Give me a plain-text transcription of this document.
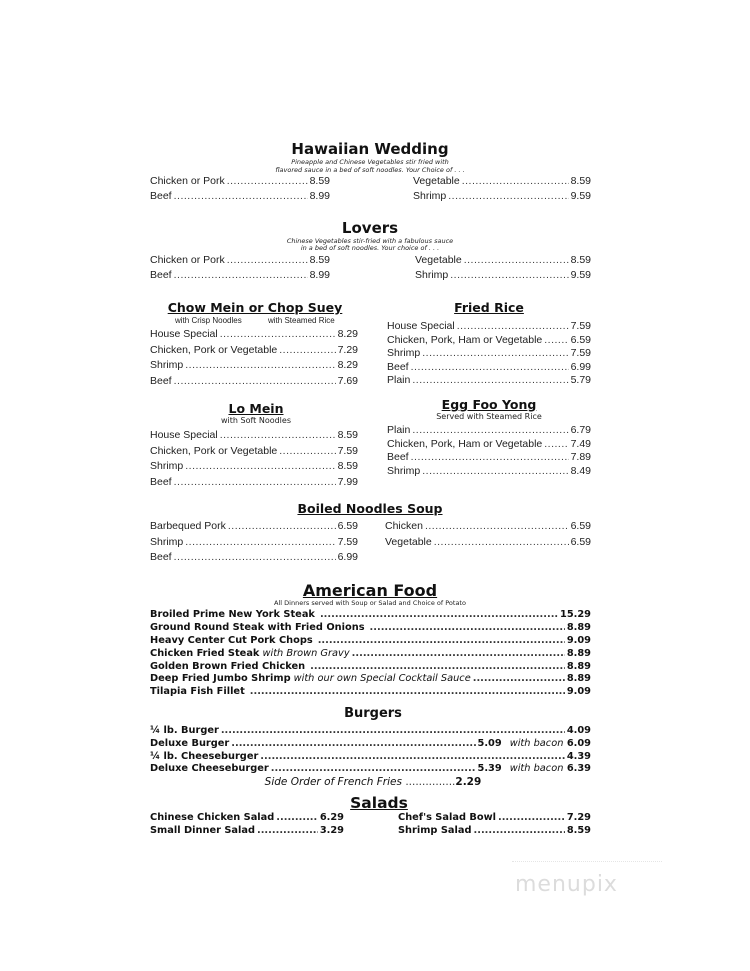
Hawaiian Wedding
Pineapple and Chinese Vegetables stir fried with
flavored sauce in a bed of soft noodles. Your Choice of . . .
Chicken or Pork .....	8.59
Beef .....	8.99
Vegetable .....	8.59
Shrimp .....	9.59
Lovers
Chinese Vegetables stir-fried with a fabulous sauce
in a bed of soft noodles. Your choice of . . .
Chicken or Pork .....	8.59
Beef .....	8.99
Vegetable .....	8.59
Shrimp .....	9.59
Chow Mein or Chop Suey
with Crisp Noodles	with Steamed Rice
House Special .....	8.29
Chicken, Pork or Vegetable .....	7.29
Shrimp .....	8.29
Beef .....	7.69
Fried Rice
House Special .....	7.59
Chicken, Pork, Ham or Vegetable .....	6.59
Shrimp .....	7.59
Beef .....	6.99
Plain .....	5.79
Lo Mein
with Soft Noodles
House Special .....	8.59
Chicken, Pork or Vegetable .....	7.59
Shrimp .....	8.59
Beef .....	7.99
Egg Foo Yong
Served with Steamed Rice
Plain .....	6.79
Chicken, Pork, Ham or Vegetable .....	7.49
Beef .....	7.89
Shrimp .....	8.49
Boiled Noodles Soup
Barbequed Pork .....	6.59
Shrimp .....	7.59
Beef .....	6.99
Chicken .....	6.59
Vegetable .....	6.59
American Food
All Dinners served with Soup or Salad and Choice of Potato
Broiled Prime New York Steak .....	15.29
Ground Round Steak with Fried Onions .....	8.89
Heavy Center Cut Pork Chops .....	9.09
Chicken Fried Steak with Brown Gravy .....	8.89
Golden Brown Fried Chicken .....	8.89
Deep Fried Jumbo Shrimp with our own Special Cocktail Sauce .....	8.89
Tilapia Fish Fillet .....	9.09
Burgers
¼ lb. Burger .....	4.09
Deluxe Burger .....	5.09 with bacon 6.09
¼ lb. Cheeseburger .....	4.39
Deluxe Cheeseburger .....	5.39 with bacon 6.39
Side Order of French Fries ...............2.29
Salads
Chinese Chicken Salad .....	6.29
Small Dinner Salad .....	3.29
Chef's Salad Bowl .....	7.29
Shrimp Salad .....	8.59
menupix
